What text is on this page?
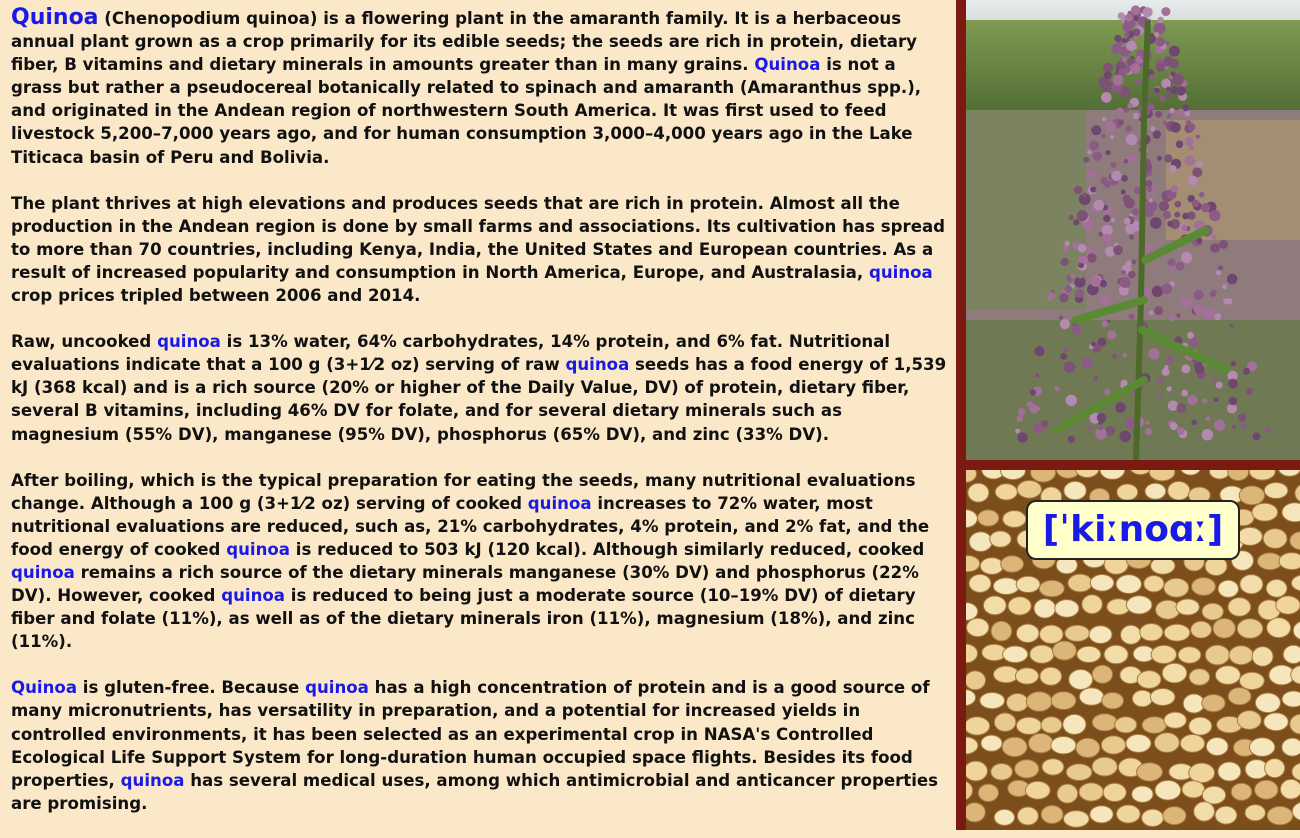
Quinoa (Chenopodium quinoa) is a flowering plant in the amaranth family. It is a herbaceous annual plant grown as a crop primarily for its edible seeds; the seeds are rich in protein, dietary fiber, B vitamins and dietary minerals in amounts greater than in many grains. Quinoa is not a grass but rather a pseudocereal botanically related to spinach and amaranth (Amaranthus spp.), and originated in the Andean region of northwestern South America. It was first used to feed livestock 5,200–7,000 years ago, and for human consumption 3,000–4,000 years ago in the Lake Titicaca basin of Peru and Bolivia.

The plant thrives at high elevations and produces seeds that are rich in protein. Almost all the production in the Andean region is done by small farms and associations. Its cultivation has spread to more than 70 countries, including Kenya, India, the United States and European countries. As a result of increased popularity and consumption in North America, Europe, and Australasia, quinoa crop prices tripled between 2006 and 2014.

Raw, uncooked quinoa is 13% water, 64% carbohydrates, 14% protein, and 6% fat. Nutritional evaluations indicate that a 100 g (3+1⁄2 oz) serving of raw quinoa seeds has a food energy of 1,539 kJ (368 kcal) and is a rich source (20% or higher of the Daily Value, DV) of protein, dietary fiber, several B vitamins, including 46% DV for folate, and for several dietary minerals such as magnesium (55% DV), manganese (95% DV), phosphorus (65% DV), and zinc (33% DV).

After boiling, which is the typical preparation for eating the seeds, many nutritional evaluations change. Although a 100 g (3+1⁄2 oz) serving of cooked quinoa increases to 72% water, most nutritional evaluations are reduced, such as, 21% carbohydrates, 4% protein, and 2% fat, and the food energy of cooked quinoa is reduced to 503 kJ (120 kcal). Although similarly reduced, cooked quinoa remains a rich source of the dietary minerals manganese (30% DV) and phosphorus (22% DV). However, cooked quinoa is reduced to being just a moderate source (10–19% DV) of dietary fiber and folate (11%), as well as of the dietary minerals iron (11%), magnesium (18%), and zinc (11%).

Quinoa is gluten-free. Because quinoa has a high concentration of protein and is a good source of many micronutrients, has versatility in preparation, and a potential for increased yields in controlled environments, it has been selected as an experimental crop in NASA's Controlled Ecological Life Support System for long-duration human occupied space flights. Besides its food properties, quinoa has several medical uses, among which antimicrobial and anticancer properties are promising.

[ˈkiːnoɑː]
